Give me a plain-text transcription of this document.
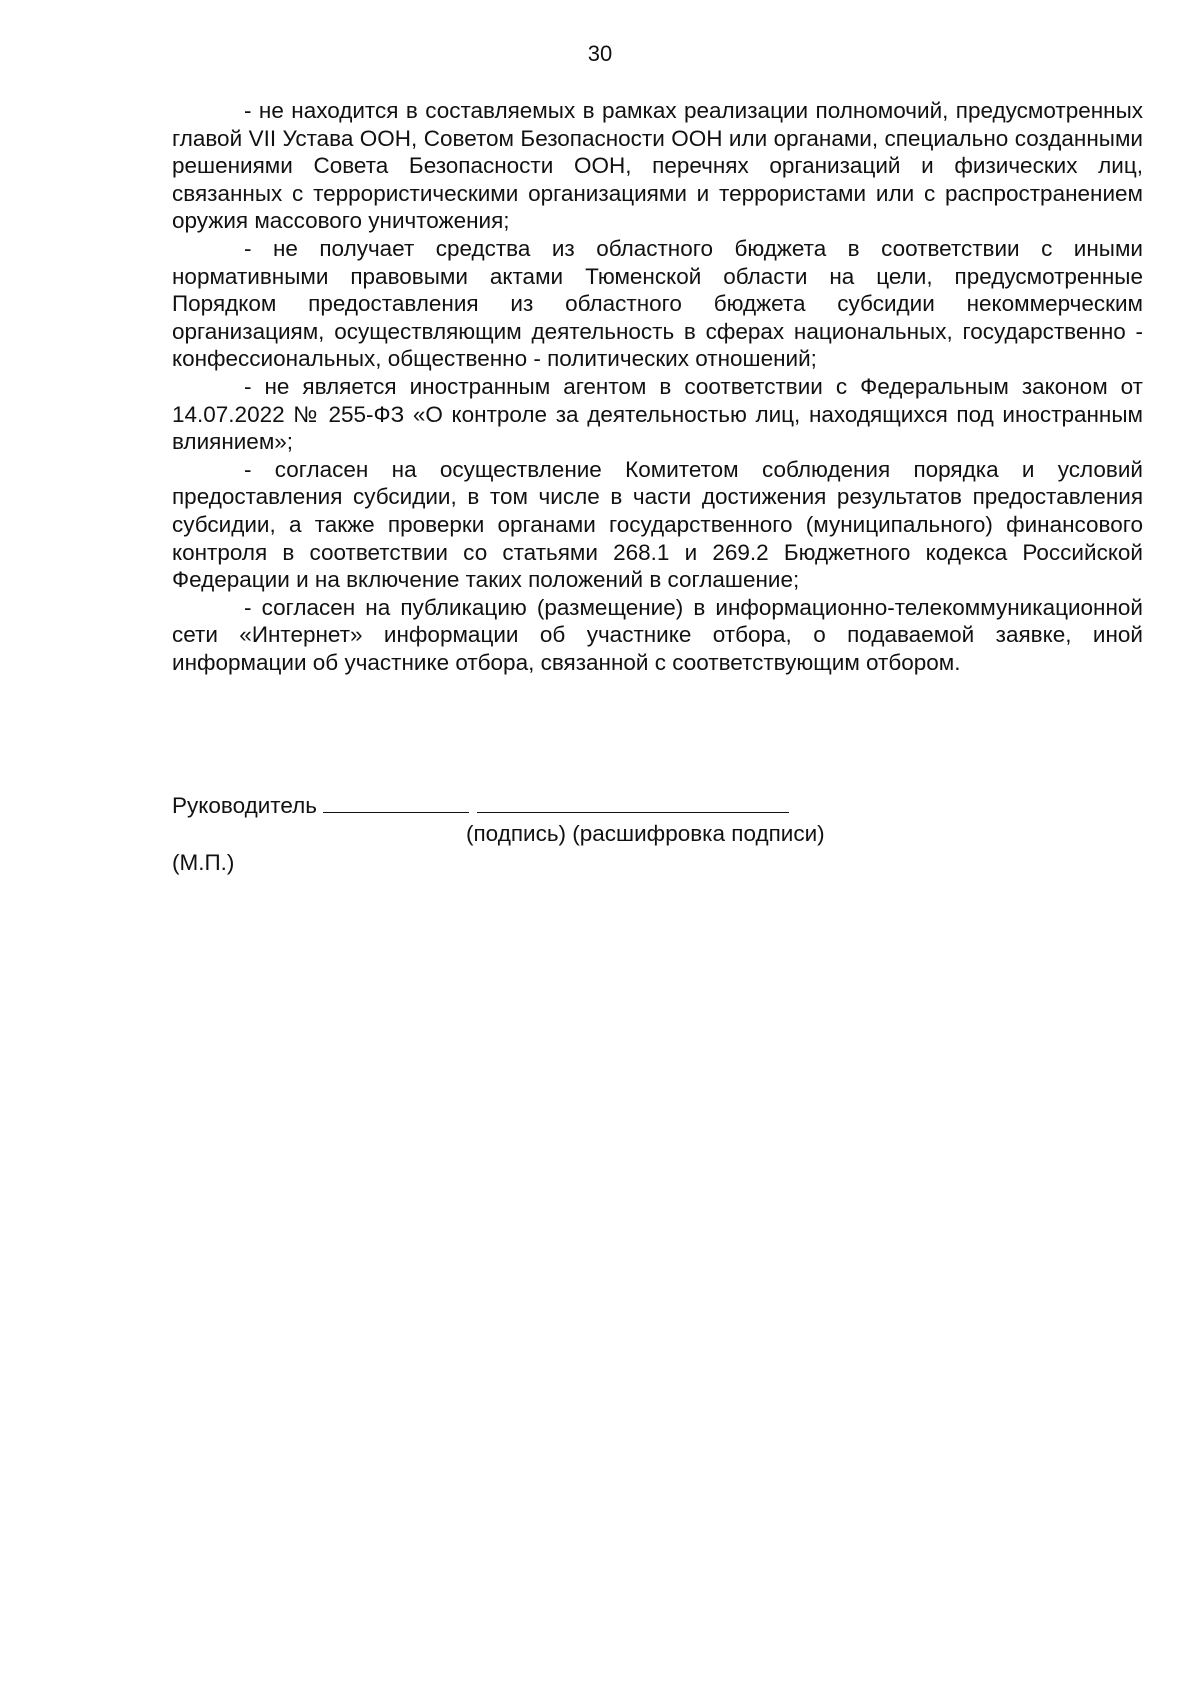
30

- не находится в составляемых в рамках реализации полномочий, предусмотренных главой VII Устава ООН, Советом Безопасности ООН или органами, специально созданными решениями Совета Безопасности ООН, перечнях организаций и физических лиц, связанных с террористическими организациями и террористами или с распространением оружия массового уничтожения;

- не получает средства из областного бюджета в соответствии с иными нормативными правовыми актами Тюменской области на цели, предусмотренные Порядком предоставления из областного бюджета субсидии некоммерческим организациям, осуществляющим деятельность в сферах национальных, государственно - конфессиональных, общественно - политических отношений;

- не является иностранным агентом в соответствии с Федеральным законом от 14.07.2022 № 255-ФЗ «О контроле за деятельностью лиц, находящихся под иностранным влиянием»;

- согласен на осуществление Комитетом соблюдения порядка и условий предоставления субсидии, в том числе в части достижения результатов предоставления субсидии, а также проверки органами государственного (муниципального) финансового контроля в соответствии со статьями 268.1 и 269.2 Бюджетного кодекса Российской Федерации и на включение таких положений в соглашение;

- согласен на публикацию (размещение) в информационно-телекоммуникационной сети «Интернет» информации об участнике отбора, о подаваемой заявке, иной информации об участнике отбора, связанной с соответствующим отбором.

Руководитель
(подпись) (расшифровка подписи)
(М.П.)
